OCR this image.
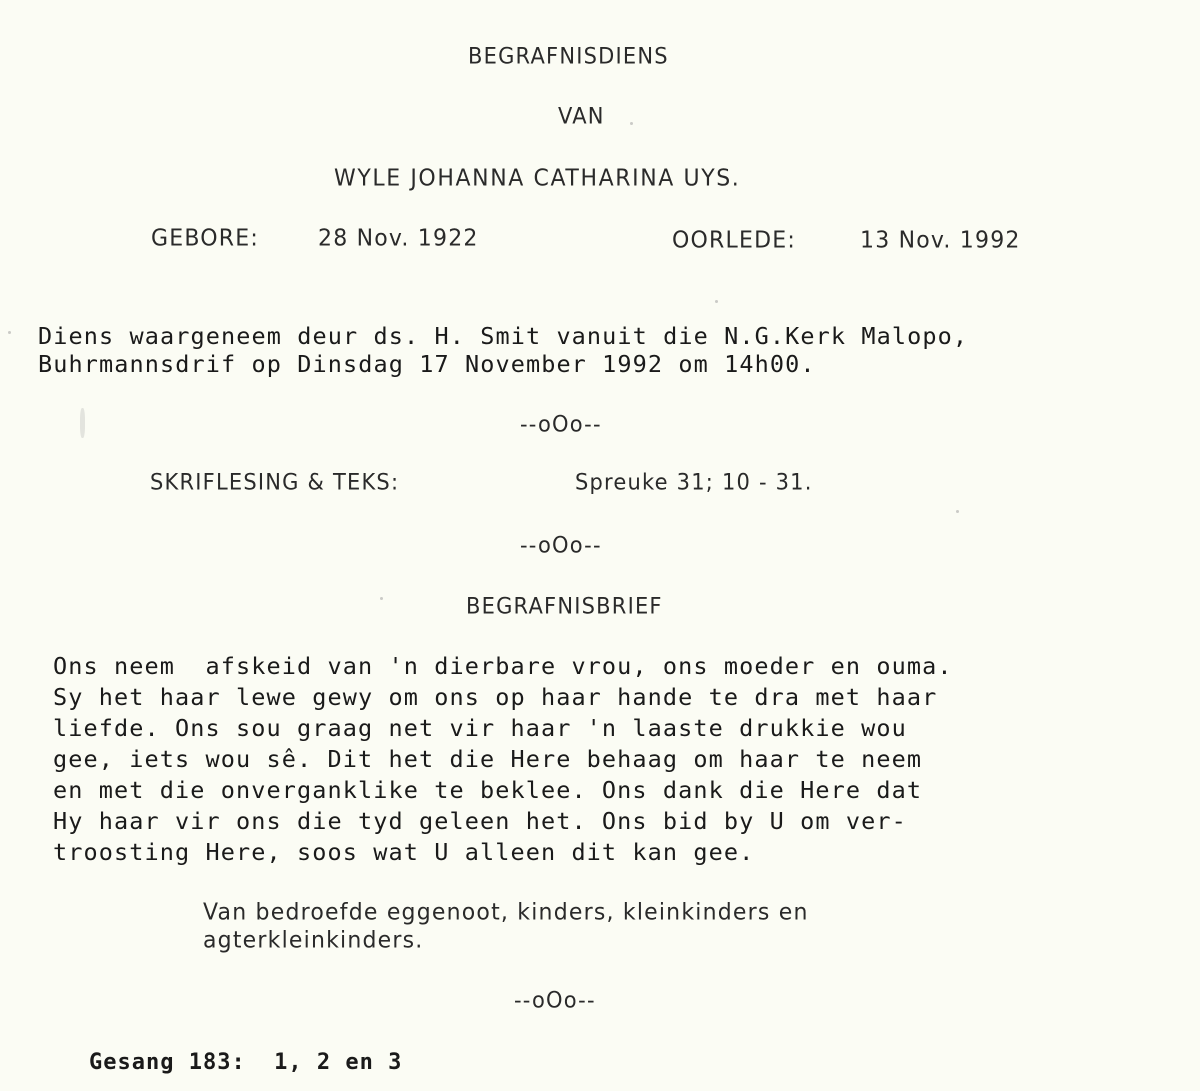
BEGRAFNISDIENS
VAN
WYLE JOHANNA CATHARINA UYS.
GEBORE:	28 Nov. 1922	OORLEDE:	13 Nov. 1992
Diens waargeneem deur ds. H. Smit vanuit die N.G.Kerk Malopo,
Buhrmannsdrif op Dinsdag 17 November 1992 om 14h00.
--oOo--
SKRIFLESING & TEKS:	Spreuke 31; 10 - 31.
--oOo--
BEGRAFNISBRIEF
Ons neem  afskeid van 'n dierbare vrou, ons moeder en ouma.
Sy het haar lewe gewy om ons op haar hande te dra met haar
liefde. Ons sou graag net vir haar 'n laaste drukkie wou
gee, iets wou sê. Dit het die Here behaag om haar te neem
en met die onverganklike te beklee. Ons dank die Here dat
Hy haar vir ons die tyd geleen het. Ons bid by U om ver-
troosting Here, soos wat U alleen dit kan gee.
Van bedroefde eggenoot, kinders, kleinkinders en
agterkleinkinders.
--oOo--
Gesang 183:  1, 2 en 3
